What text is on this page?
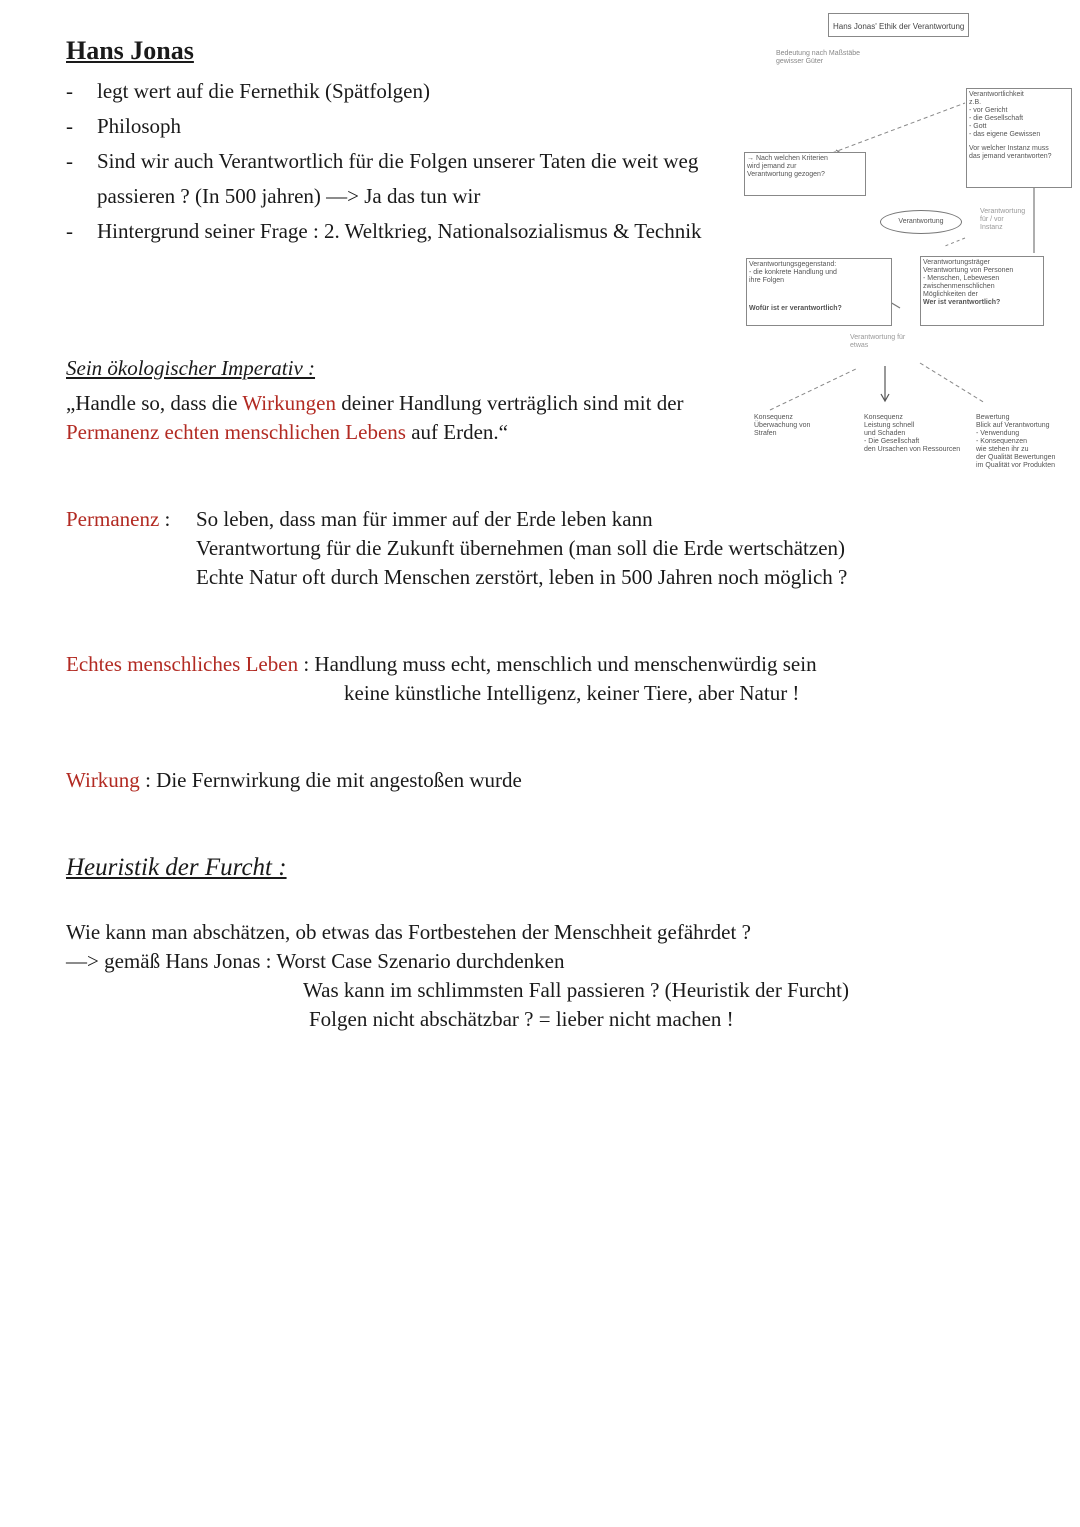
Hans Jonas
- legt wert auf die Fernethik (Spätfolgen)
- Philosoph
- Sind wir auch Verantwortlich für die Folgen unserer Taten die weit weg passieren ? (In 500 jahren) —> Ja das tun wir
- Hintergrund seiner Frage : 2. Weltkrieg, Nationalsozialismus & Technik
Sein ökologischer Imperativ :
„Handle so, dass die Wirkungen deiner Handlung verträglich sind mit der Permanenz echten menschlichen Lebens auf Erden.“
Permanenz : So leben, dass man für immer auf der Erde leben kann
Verantwortung für die Zukunft übernehmen (man soll die Erde wertschätzen)
Echte Natur oft durch Menschen zerstört, leben in 500 Jahren noch möglich ?
Echtes menschliches Leben : Handlung muss echt, menschlich und menschenwürdig sein
keine künstliche Intelligenz, keiner Tiere, aber Natur !
Wirkung : Die Fernwirkung die mit angestoßen wurde
Heuristik der Furcht :
Wie kann man abschätzen, ob etwas das Fortbestehen der Menschheit gefährdet ?
—> gemäß Hans Jonas : Worst Case Szenario durchdenken
Was kann im schlimmsten Fall passieren ? (Heuristik der Furcht)
Folgen nicht abschätzbar ? = lieber nicht machen !
Hans Jonas' Ethik der Verantwortung
Bedeutung nach Maßstäbe
gewisser Güter
→ Nach welchen Kriterien
wird jemand zur
Verantwortung gezogen?
Verantwortlichkeit
z.B.
- vor Gericht
- die Gesellschaft
- Gott
- das eigene Gewissen
Vor welcher Instanz muss
das jemand verantworten?
Verantwortung
Verantwortung
für / vor
Instanz
Verantwortungsgegenstand:
- die konkrete Handlung und
ihre Folgen
Wofür ist er verantwortlich?
Verantwortungsträger
Verantwortung von Personen
- Menschen, Lebewesen
zwischenmenschlichen
Möglichkeiten der
Wer ist verantwortlich?
Verantwortung für
etwas
Konsequenz
Überwachung von
Strafen
Konsequenz
Leistung schnell
und Schaden
- Die Gesellschaft
den Ursachen von Ressourcen
Bewertung
Blick auf Verantwortung
- Verwendung
- Konsequenzen
wie stehen ihr zu
der Qualität Bewertungen
im Qualität vor Produkten
